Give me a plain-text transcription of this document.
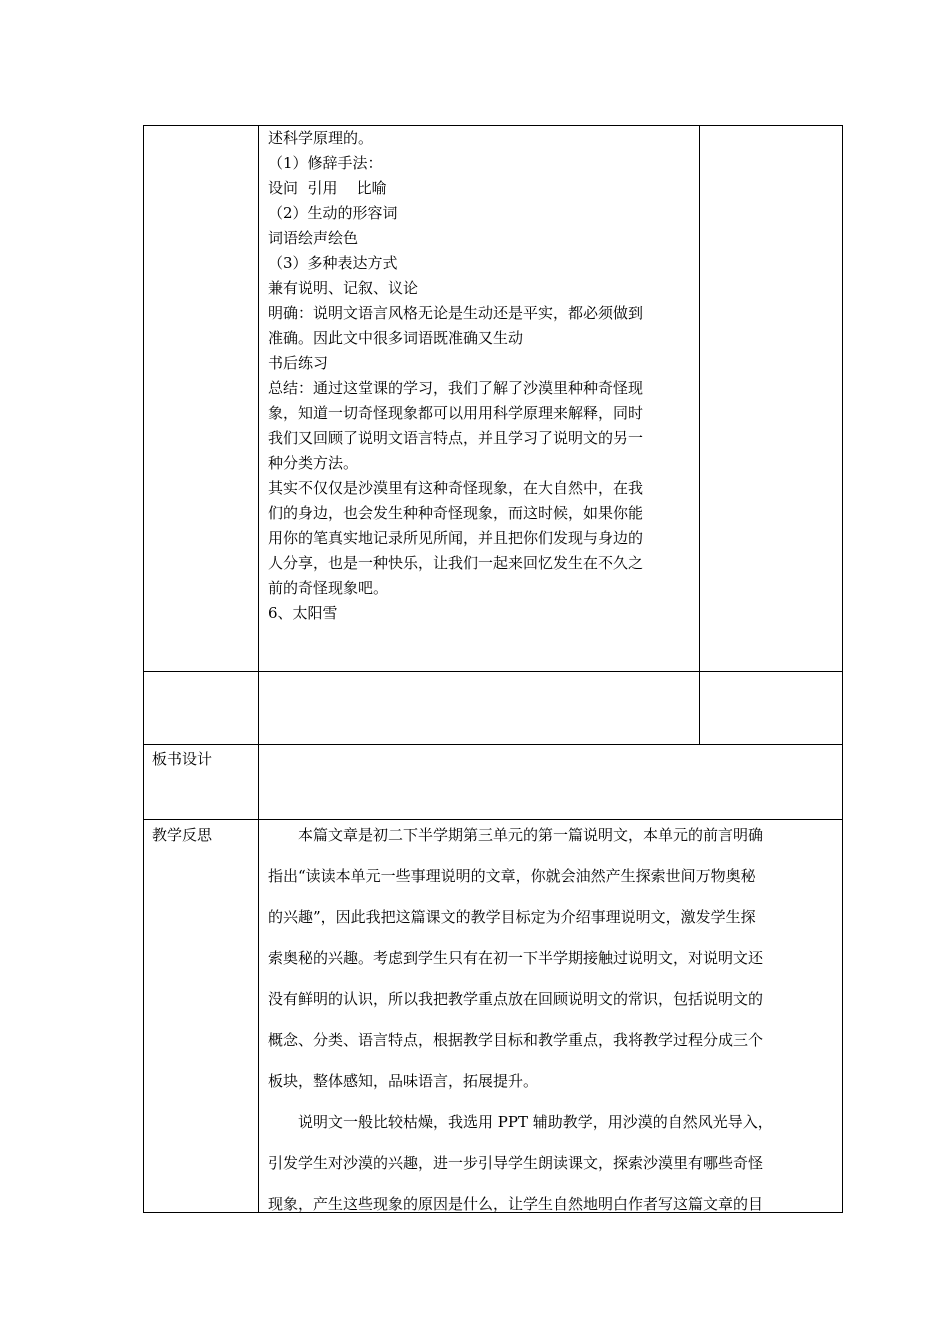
述科学原理的。
（1）修辞手法：
设问  引用    比喻
（2）生动的形容词
词语绘声绘色
（3）多种表达方式
兼有说明、记叙、议论
明确：说明文语言风格无论是生动还是平实，都必须做到
准确。因此文中很多词语既准确又生动
书后练习
总结：通过这堂课的学习，我们了解了沙漠里种种奇怪现
象，知道一切奇怪现象都可以用用科学原理来解释，同时
我们又回顾了说明文语言特点，并且学习了说明文的另一
种分类方法。
其实不仅仅是沙漠里有这种奇怪现象，在大自然中，在我
们的身边，也会发生种种奇怪现象，而这时候，如果你能
用你的笔真实地记录所见所闻，并且把你们发现与身边的
人分享，也是一种快乐，让我们一起来回忆发生在不久之
前的奇怪现象吧。
6、太阳雪
板书设计
教学反思	本篇文章是初二下半学期第三单元的第一篇说明文，本单元的前言明确
指出“读读本单元一些事理说明的文章，你就会油然产生探索世间万物奥秘
的兴趣”，因此我把这篇课文的教学目标定为介绍事理说明文，激发学生探
索奥秘的兴趣。考虑到学生只有在初一下半学期接触过说明文，对说明文还
没有鲜明的认识，所以我把教学重点放在回顾说明文的常识，包括说明文的
概念、分类、语言特点，根据教学目标和教学重点，我将教学过程分成三个
板块，整体感知，品味语言，拓展提升。
说明文一般比较枯燥，我选用 PPT 辅助教学，用沙漠的自然风光导入，
引发学生对沙漠的兴趣，进一步引导学生朗读课文，探索沙漠里有哪些奇怪
现象，产生这些现象的原因是什么，让学生自然地明白作者写这篇文章的目
